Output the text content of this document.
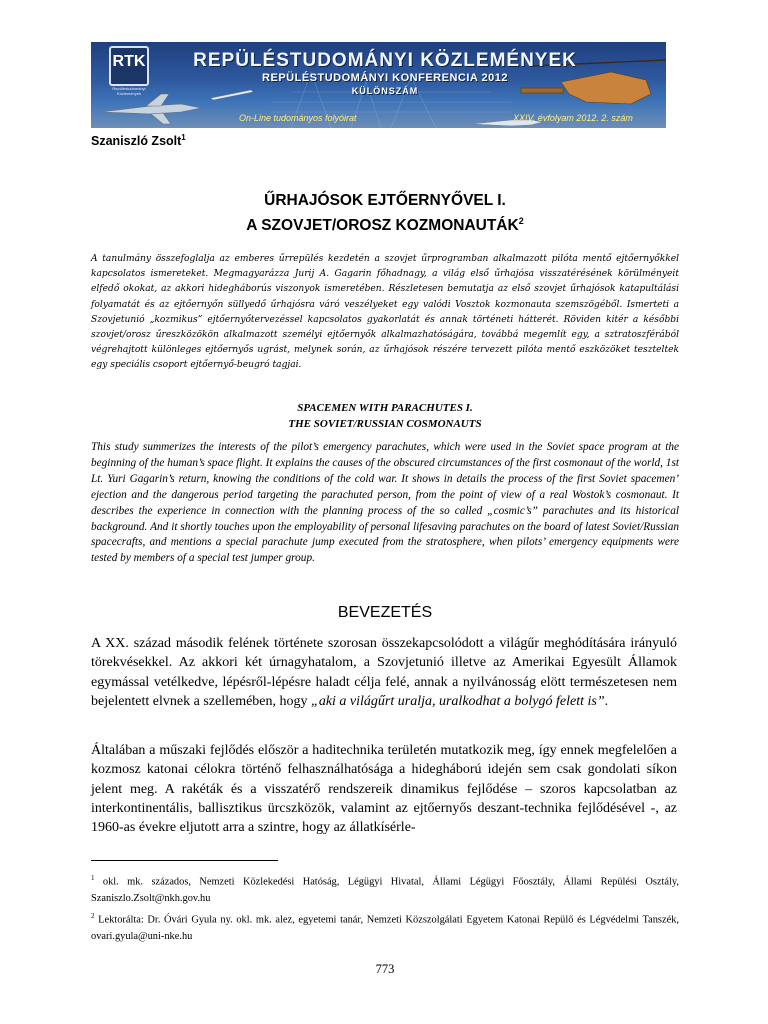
RTK
Repüléstudományi Közlemények
REPÜLÉSTUDOMÁNYI KÖZLEMÉNYEK
REPÜLÉSTUDOMÁNYI KONFERENCIA 2012
KÜLÖNSZÁM
On-Line tudományos folyóirat	XXIV. évfolyam 2012. 2. szám
Szaniszló Zsolt$^1$
ŰRHAJÓSOK EJTŐERNYŐVEL I.
A SZOVJET/OROSZ KOZMONAUTÁK$^2$
A tanulmány összefoglalja az emberes űrrepülés kezdetén a szovjet űrprogramban alkalmazott pilóta mentő ejtőernyőkkel kapcsolatos ismereteket. Megmagyarázza Jurij A. Gagarin főhadnagy, a világ első űrhajósa visszatérésének körülményeit elfedő okokat, az akkori hidegháborús viszonyok ismeretében. Részletesen bemutatja az első szovjet űrhajósok katapultálási folyamatát és az ejtőernyőn süllyedő űrhajósra váró veszélyeket egy valódi Vosztok kozmonauta szemszögéből. Ismerteti a Szovjetunió „kozmikus” ejtőernyőtervezéssel kapcsolatos gyakorlatát és annak történeti hátterét. Röviden kitér a későbbi szovjet/orosz űreszközökön alkalmazott személyi ejtőernyők alkalmazhatóságára, továbbá megemlít egy, a sztratoszférából végrehajtott különleges ejtőernyős ugrást, melynek során, az űrhajósok részére tervezett pilóta mentő eszközöket teszteltek egy speciális csoport ejtőernyő-beugró tagjai.
SPACEMEN WITH PARACHUTES I.
THE SOVIET/RUSSIAN COSMONAUTS
This study summerizes the interests of the pilot’s emergency parachutes, which were used in the Soviet space program at the beginning of the human’s space flight. It explains the causes of the obscured circumstances of the first cosmonaut of the world, 1st Lt. Yuri Gagarin’s return, knowing the conditions of the cold war. It shows in details the process of the first Soviet spacemen’ ejection and the dangerous period targeting the parachuted person, from the point of view of a real Wostok’s cosmonaut. It describes the experience in connection with the planning process of the so called „cosmic’s” parachutes and its historical background. And it shortly touches upon the employability of personal lifesaving parachutes on the board of latest Soviet/Russian spacecrafts, and mentions a special parachute jump executed from the stratosphere, when pilots’ emergency equipments were tested by members of a special test jumper group.
BEVEZETÉS
A XX. század második felének története szorosan összekapcsolódott a világűr meghódítására irányuló törekvésekkel. Az akkori két úrnagyhatalom, a Szovjetunió illetve az Amerikai Egyesült Államok egymással vetélkedve, lépésről-lépésre haladt célja felé, annak a nyilvánosság elött természetesen nem bejelentett elvnek a szellemében, hogy „aki a világűrt uralja, uralkodhat a bolygó felett is”.
Általában a műszaki fejlődés először a haditechnika területén mutatkozik meg, így ennek megfelelően a kozmosz katonai célokra történő felhasználhatósága a hidegháború idején sem csak gondolati síkon jelent meg. A rakéták és a visszatérő rendszereik dinamikus fejlődése – szoros kapcsolatban az interkontinentális, ballisztikus ürcszközök, valamint az ejtőernyős deszant-technika fejlődésével -, az 1960-as évekre eljutott arra a szintre, hogy az állatkísérle-

$^1$ okl. mk. százados, Nemzeti Közlekedési Hatóság, Légügyi Hivatal, Állami Légügyi Főosztály, Állami Repülési Osztály, Szaniszlo.Zsolt@nkh.gov.hu

$^2$ Lektorálta: Dr. Óvári Gyula ny. okl. mk. alez, egyetemi tanár, Nemzeti Közszolgálati Egyetem Katonai Repülő és Légvédelmi Tanszék, ovari.gyula@uni-nke.hu

773
